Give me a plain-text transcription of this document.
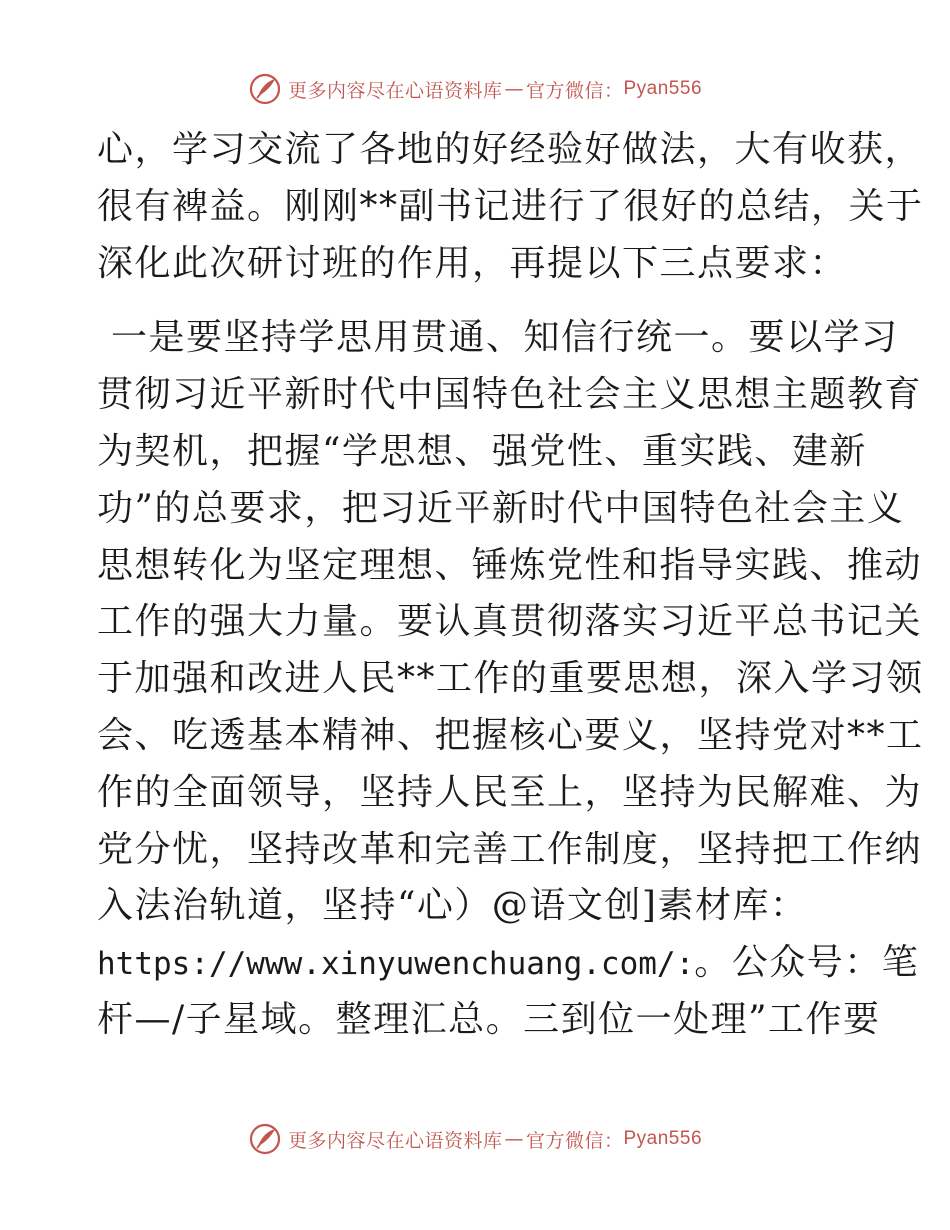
更多内容尽在心语资料库 — 官方微信： Pyan556
心，学习交流了各地的好经验好做法，大有收获，
很有裨益。刚刚**副书记进行了很好的总结，关于
深化此次研讨班的作用，再提以下三点要求：
一是要坚持学思用贯通、知信行统一。要以学习
贯彻习近平新时代中国特色社会主义思想主题教育
为契机，把握“学思想、强党性、重实践、建新
功”的总要求，把习近平新时代中国特色社会主义
思想转化为坚定理想、锤炼党性和指导实践、推动
工作的强大力量。要认真贯彻落实习近平总书记关
于加强和改进人民**工作的重要思想，深入学习领
会、吃透基本精神、把握核心要义，坚持党对**工
作的全面领导，坚持人民至上，坚持为民解难、为
党分忧，坚持改革和完善工作制度，坚持把工作纳
入法治轨道，坚持“心）@语文创]素材库：
https://www.xinyuwenchuang.com/:。公众号：笔
杆—/子星域。整理汇总。三到位一处理”工作要
更多内容尽在心语资料库 — 官方微信： Pyan556
